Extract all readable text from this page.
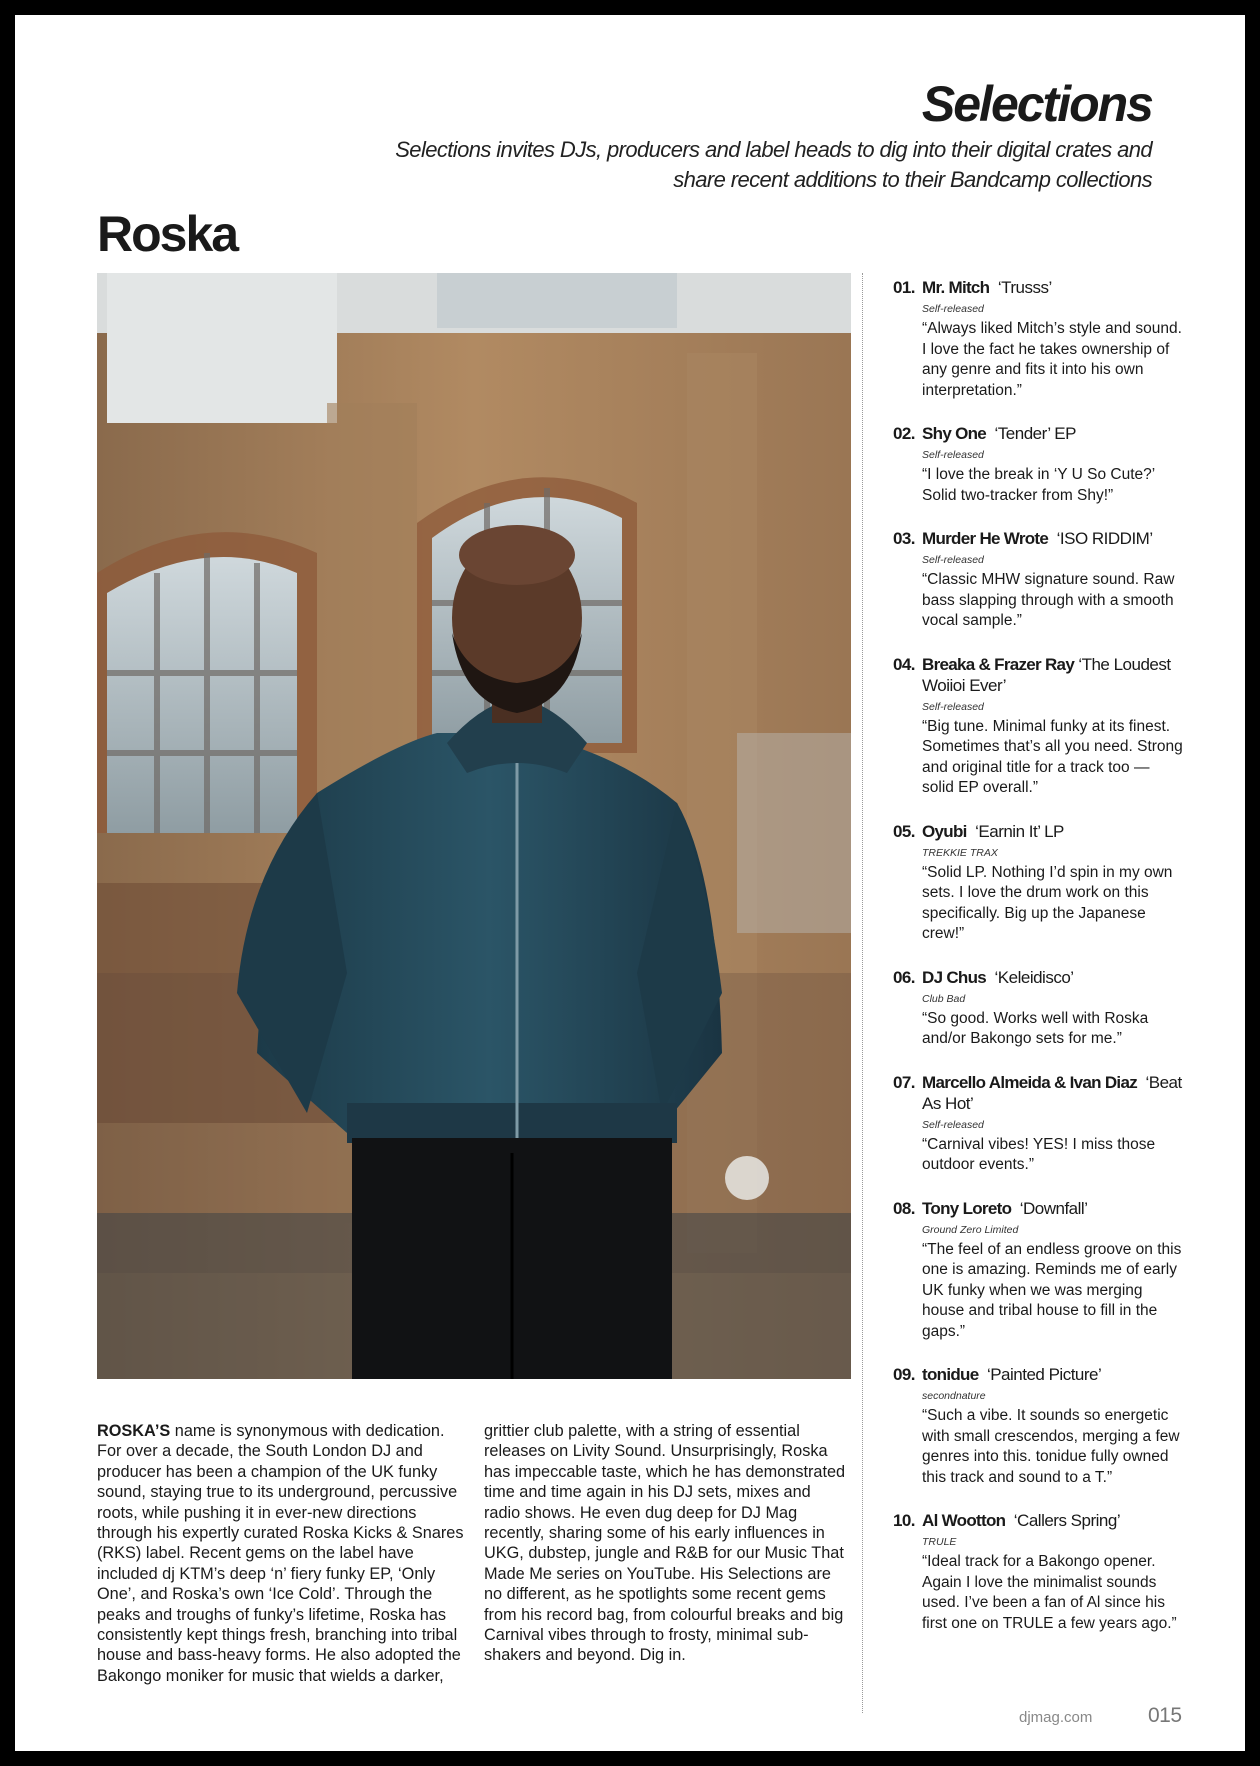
Selections
Selections invites DJs, producers and label heads to dig into their digital crates and share recent additions to their Bandcamp collections
Roska

ROSKA’S name is synonymous with dedication. For over a decade, the South London DJ and producer has been a champion of the UK funky sound, staying true to its underground, percussive roots, while pushing it in ever-new directions through his expertly curated Roska Kicks & Snares (RKS) label. Recent gems on the label have included dj KTM’s deep ‘n’ fiery funky EP, ‘Only One’, and Roska’s own ‘Ice Cold’. Through the peaks and troughs of funky’s lifetime, Roska has consistently kept things fresh, branching into tribal house and bass-heavy forms. He also adopted the Bakongo moniker for music that wields a darker, grittier club palette, with a string of essential releases on Livity Sound. Unsurprisingly, Roska has impeccable taste, which he has demonstrated time and time again in his DJ sets, mixes and radio shows. He even dug deep for DJ Mag recently, sharing some of his early influences in UKG, dubstep, jungle and R&B for our Music That Made Me series on YouTube. His Selections are no different, as he spotlights some recent gems from his record bag, from colourful breaks and big Carnival vibes through to frosty, minimal sub-shakers and beyond. Dig in.

01. Mr. Mitch ‘Trusss’
Self-released
“Always liked Mitch’s style and sound. I love the fact he takes ownership of any genre and fits it into his own interpretation.”
02. Shy One ‘Tender’ EP
Self-released
“I love the break in ‘Y U So Cute?’ Solid two-tracker from Shy!”
03. Murder He Wrote ‘ISO RIDDIM’
Self-released
“Classic MHW signature sound. Raw bass slapping through with a smooth vocal sample.”
04. Breaka & Frazer Ray ‘The Loudest Woiioi Ever’
Self-released
“Big tune. Minimal funky at its finest. Sometimes that’s all you need. Strong and original title for a track too — solid EP overall.”
05. Oyubi ‘Earnin It’ LP
TREKKIE TRAX
“Solid LP. Nothing I’d spin in my own sets. I love the drum work on this specifically. Big up the Japanese crew!”
06. DJ Chus ‘Keleidisco’
Club Bad
“So good. Works well with Roska and/or Bakongo sets for me.”
07. Marcello Almeida & Ivan Diaz ‘Beat As Hot’
Self-released
“Carnival vibes! YES! I miss those outdoor events.”
08. Tony Loreto ‘Downfall’
Ground Zero Limited
“The feel of an endless groove on this one is amazing. Reminds me of early UK funky when we was merging house and tribal house to fill in the gaps.”
09. tonidue ‘Painted Picture’
secondnature
“Such a vibe. It sounds so energetic with small crescendos, merging a few genres into this. tonidue fully owned this track and sound to a T.”
10. Al Wootton ‘Callers Spring’
TRULE
“Ideal track for a Bakongo opener. Again I love the minimalist sounds used. I’ve been a fan of Al since his first one on TRULE a few years ago.”
djmag.com	015
